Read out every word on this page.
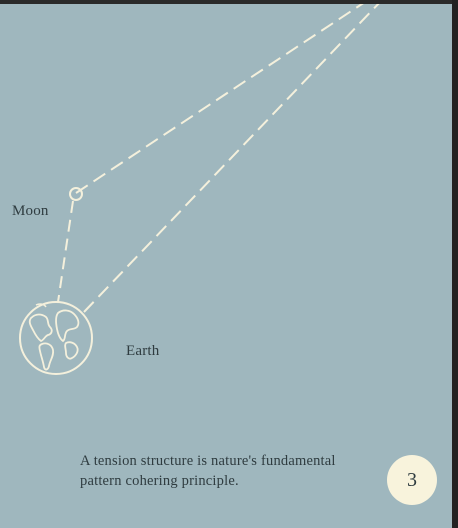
Moon
Earth
A tension structure is nature's fundamental
pattern cohering principle.	3
